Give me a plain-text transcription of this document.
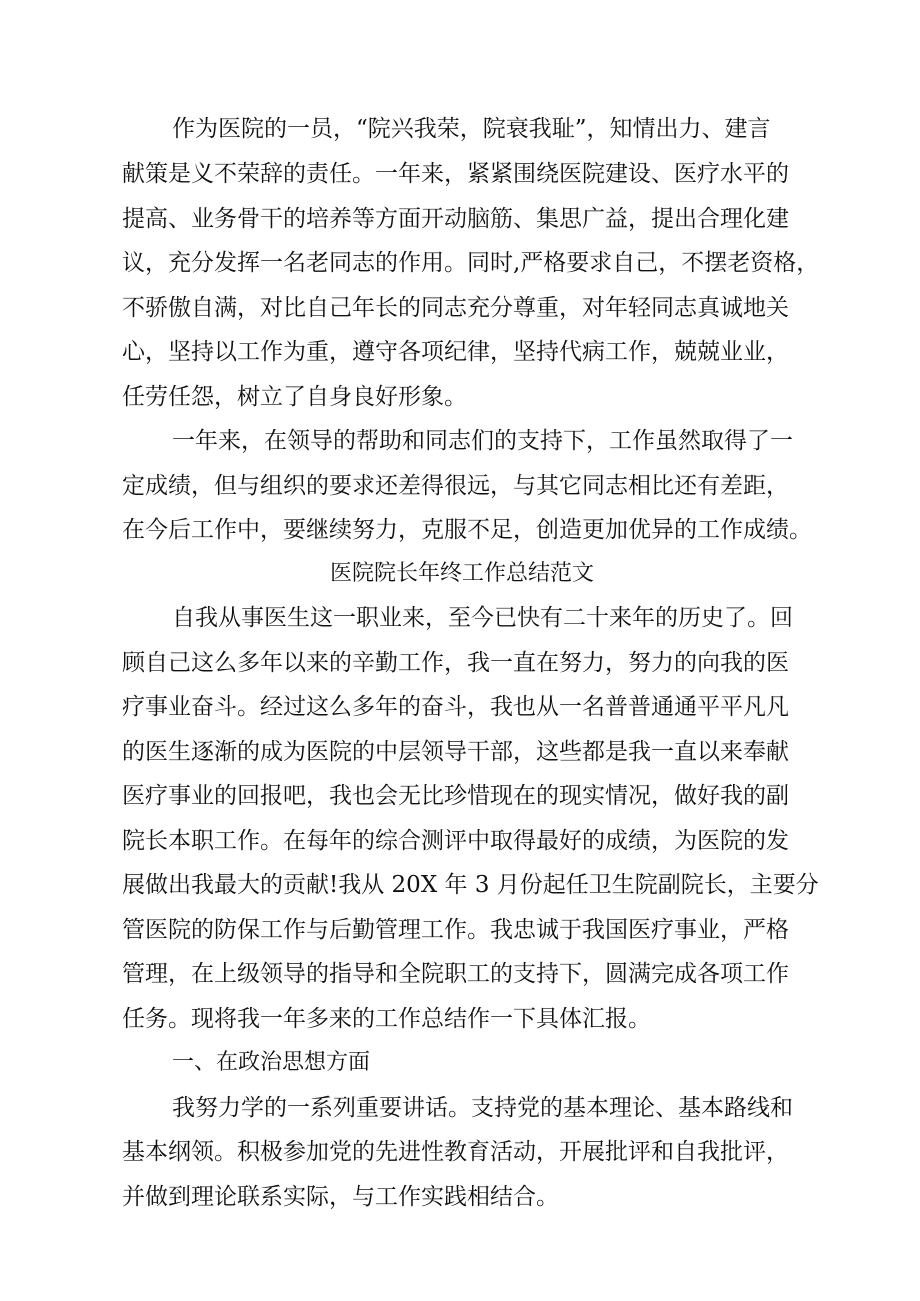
作为医院的一员，“院兴我荣，院衰我耻”，知情出力、建言
献策是义不荣辞的责任。一年来，紧紧围绕医院建设、医疗水平的
提高、业务骨干的培养等方面开动脑筋、集思广益，提出合理化建
议，充分发挥一名老同志的作用。同时,严格要求自己，不摆老资格，
不骄傲自满，对比自己年长的同志充分尊重，对年轻同志真诚地关
心，坚持以工作为重，遵守各项纪律，坚持代病工作，兢兢业业，
任劳任怨，树立了自身良好形象。
一年来，在领导的帮助和同志们的支持下，工作虽然取得了一
定成绩，但与组织的要求还差得很远，与其它同志相比还有差距，
在今后工作中，要继续努力，克服不足，创造更加优异的工作成绩。
医院院长年终工作总结范文
自我从事医生这一职业来，至今已快有二十来年的历史了。回
顾自己这么多年以来的辛勤工作，我一直在努力，努力的向我的医
疗事业奋斗。经过这么多年的奋斗，我也从一名普普通通平平凡凡
的医生逐渐的成为医院的中层领导干部，这些都是我一直以来奉献
医疗事业的回报吧，我也会无比珍惜现在的现实情况，做好我的副
院长本职工作。在每年的综合测评中取得最好的成绩，为医院的发
展做出我最大的贡献!我从 20X 年 3 月份起任卫生院副院长，主要分
管医院的防保工作与后勤管理工作。我忠诚于我国医疗事业，严格
管理，在上级领导的指导和全院职工的支持下，圆满完成各项工作
任务。现将我一年多来的工作总结作一下具体汇报。
一、在政治思想方面
我努力学的一系列重要讲话。支持党的基本理论、基本路线和
基本纲领。积极参加党的先进性教育活动，开展批评和自我批评，
并做到理论联系实际，与工作实践相结合。
